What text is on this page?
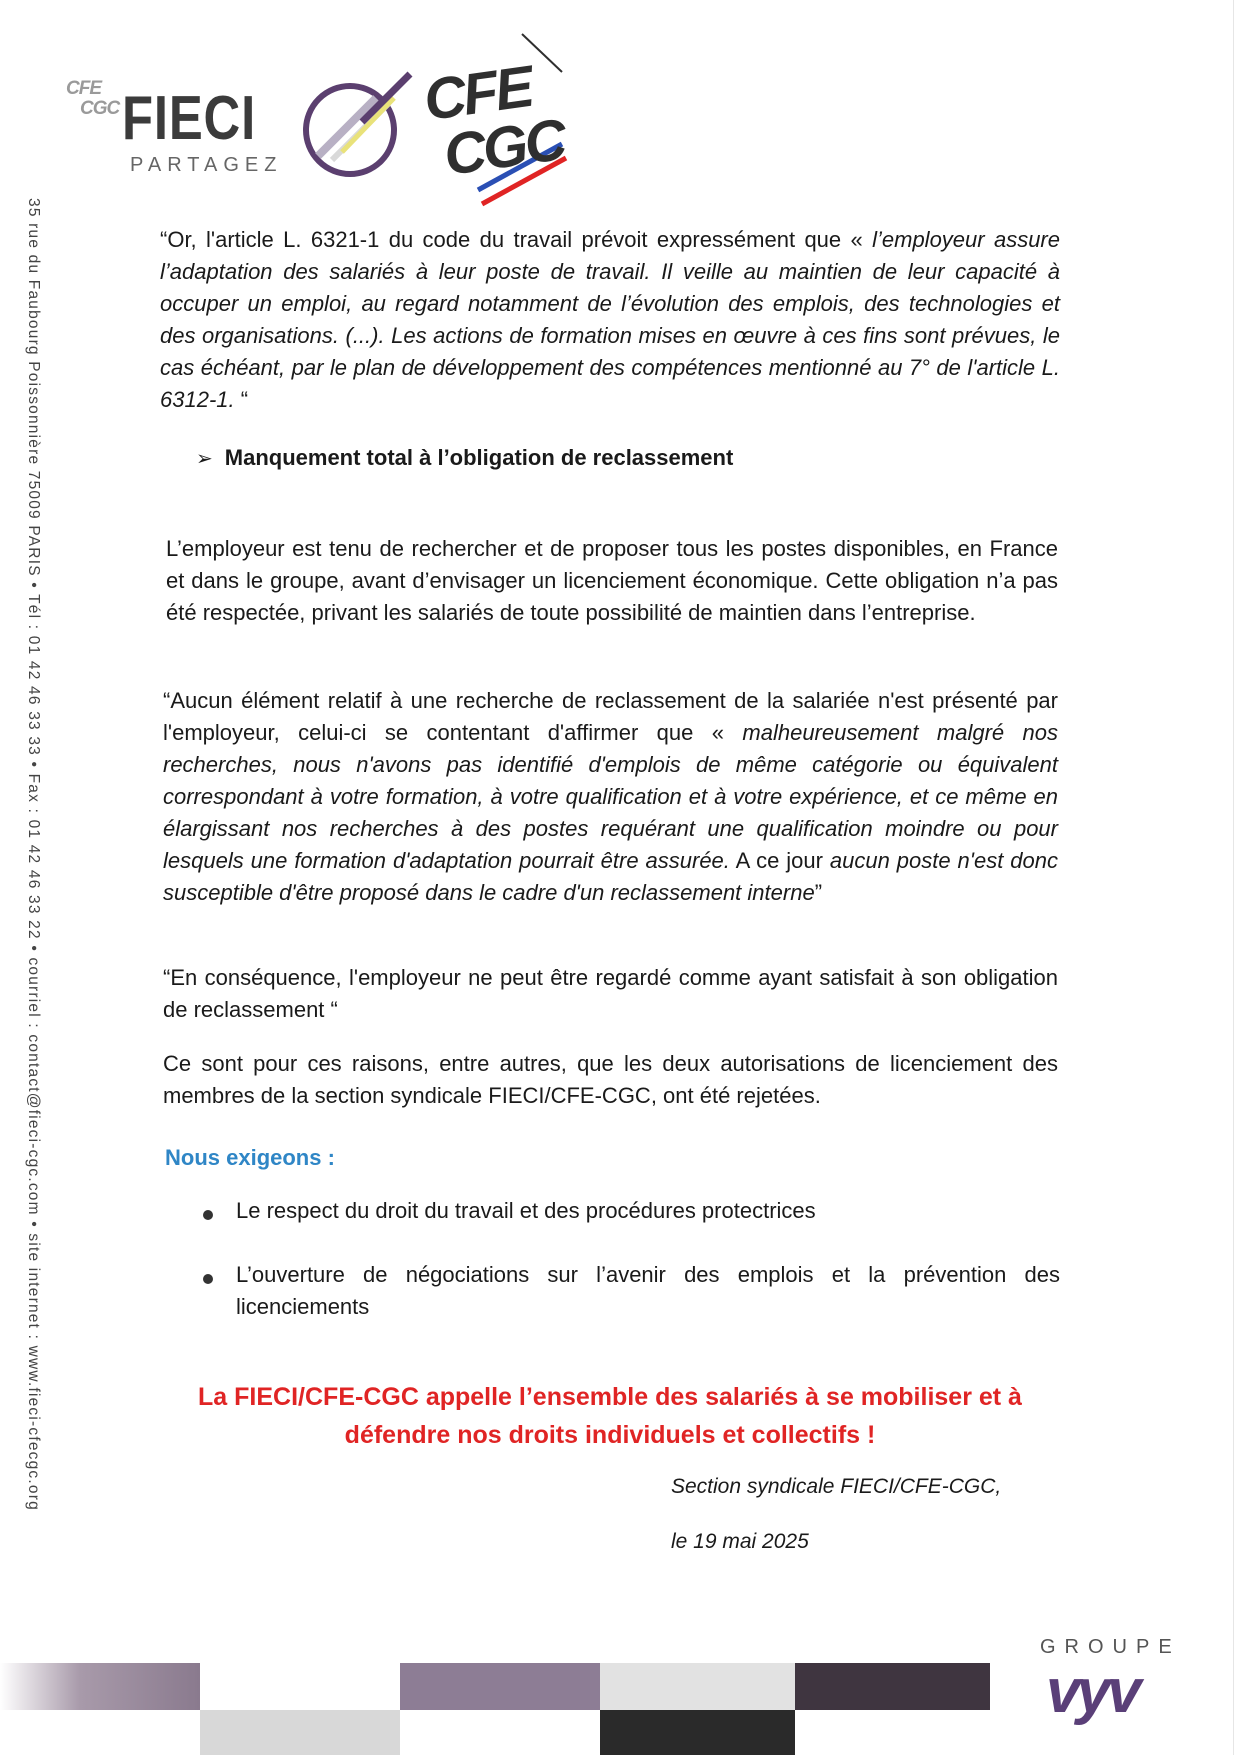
CFE
CGC FIECI
PARTAGEZ
CFE
CGC
35 rue du Faubourg Poissonnière 75009 PARIS • Tél : 01 42 46 33 33 • Fax : 01 42 46 33 22 • courriel : contact@fieci-cgc.com • site internet : www.fieci-cfecgc.org	“Or, l'article L. 6321-1 du code du travail prévoit expressément que « l’employeur assure l’adaptation des salariés à leur poste de travail. Il veille au maintien de leur capacité à occuper un emploi, au regard notamment de l’évolution des emplois, des technologies et des organisations. (...). Les actions de formation mises en œuvre à ces fins sont prévues, le cas échéant, par le plan de développement des compétences mentionné au 7° de l'article L. 6312-1. “

➢ Manquement total à l’obligation de reclassement

L’employeur est tenu de rechercher et de proposer tous les postes disponibles, en France et dans le groupe, avant d’envisager un licenciement économique. Cette obligation n’a pas été respectée, privant les salariés de toute possibilité de maintien dans l’entreprise.

“Aucun élément relatif à une recherche de reclassement de la salariée n'est présenté par l'employeur, celui-ci se contentant d'affirmer que « malheureusement malgré nos recherches, nous n'avons pas identifié d'emplois de même catégorie ou équivalent correspondant à votre formation, à votre qualification et à votre expérience, et ce même en élargissant nos recherches à des postes requérant une qualification moindre ou pour lesquels une formation d'adaptation pourrait être assurée. A ce jour aucun poste n'est donc susceptible d'être proposé dans le cadre d'un reclassement interne”

“En conséquence, l'employeur ne peut être regardé comme ayant satisfait à son obligation de reclassement “

Ce sont pour ces raisons, entre autres, que les deux autorisations de licenciement des membres de la section syndicale FIECI/CFE-CGC, ont été rejetées.

Nous exigeons :
Le respect du droit du travail et des procédures protectrices
L’ouverture de négociations sur l’avenir des emplois et la prévention des licenciements
La FIECI/CFE-CGC appelle l’ensemble des salariés à se mobiliser et à défendre nos droits individuels et collectifs !
Section syndicale FIECI/CFE-CGC,
le 19 mai 2025
GROUPE
vyv
